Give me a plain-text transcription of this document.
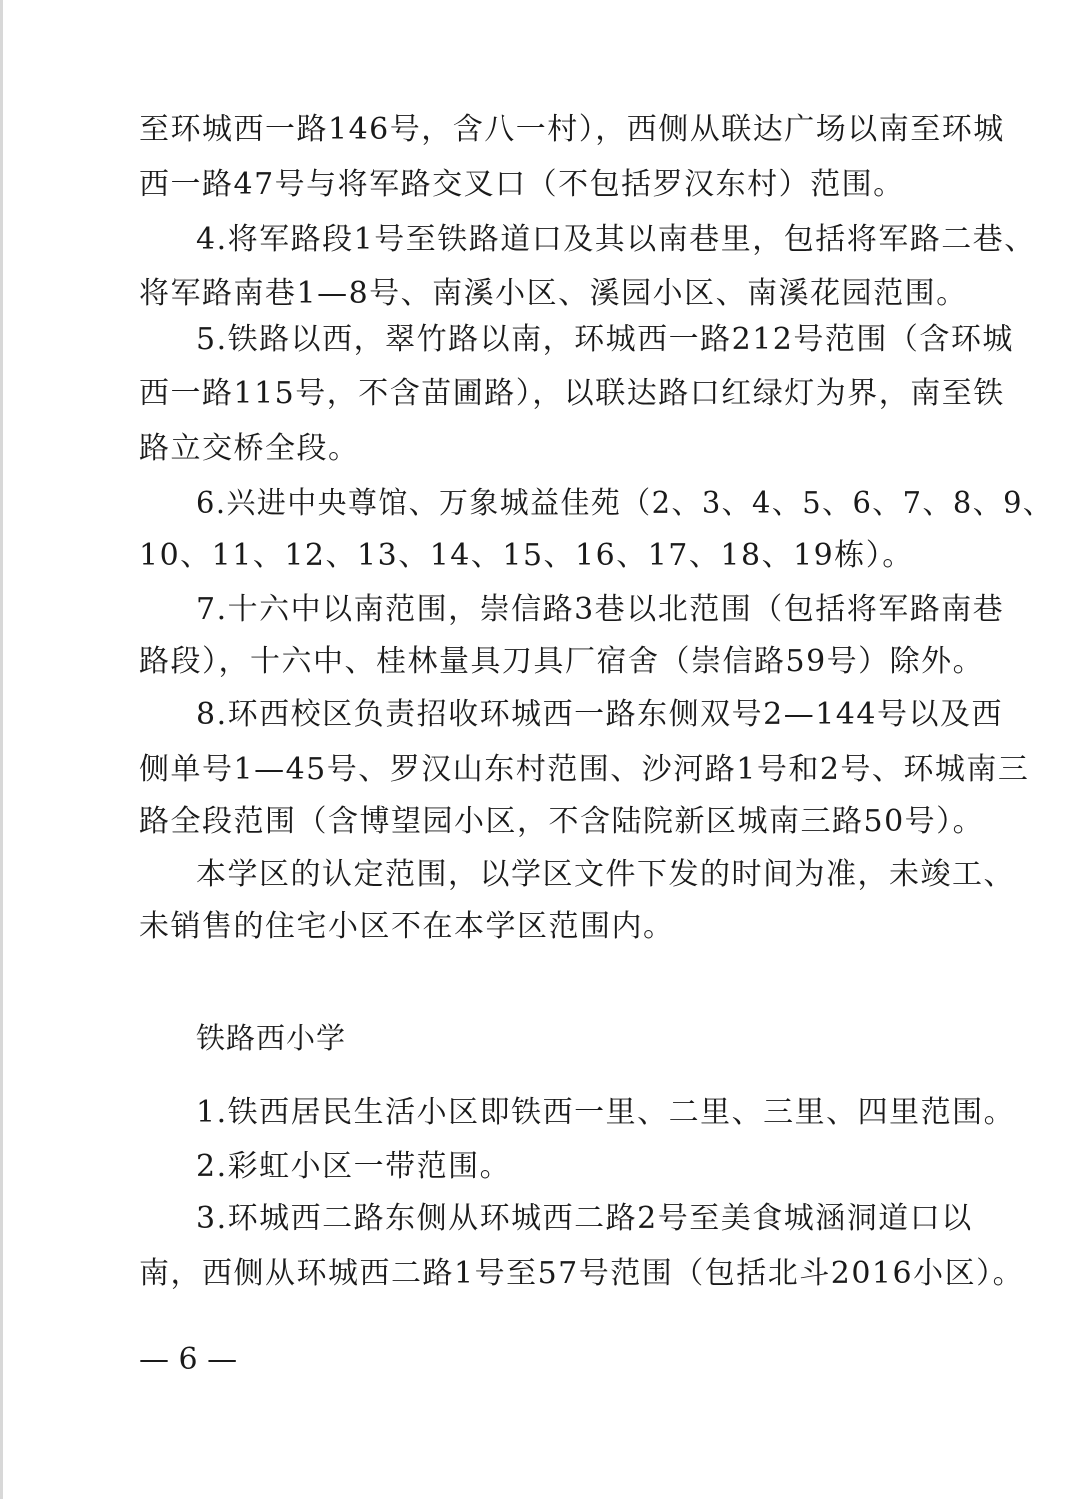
至环城西一路146号，含八一村），西侧从联达广场以南至环城
西一路47号与将军路交叉口（不包括罗汉东村）范围。
4.将军路段1号至铁路道口及其以南巷里，包括将军路二巷、
将军路南巷1—8号、南溪小区、溪园小区、南溪花园范围。
5.铁路以西，翠竹路以南，环城西一路212号范围（含环城
西一路115号，不含苗圃路），以联达路口红绿灯为界，南至铁
路立交桥全段。
6.兴进中央尊馆、万象城益佳苑（2、3、4、5、6、7、8、9、
10、11、12、13、14、15、16、17、18、19栋）。
7.十六中以南范围，崇信路3巷以北范围（包括将军路南巷
路段），十六中、桂林量具刀具厂宿舍（崇信路59号）除外。
8.环西校区负责招收环城西一路东侧双号2—144号以及西
侧单号1—45号、罗汉山东村范围、沙河路1号和2号、环城南三
路全段范围（含博望园小区，不含陆院新区城南三路50号）。
本学区的认定范围，以学区文件下发的时间为准，未竣工、
未销售的住宅小区不在本学区范围内。
铁路西小学
1.铁西居民生活小区即铁西一里、二里、三里、四里范围。
2.彩虹小区一带范围。
3.环城西二路东侧从环城西二路2号至美食城涵洞道口以
南，西侧从环城西二路1号至57号范围（包括北斗2016小区）。
— 6 —
